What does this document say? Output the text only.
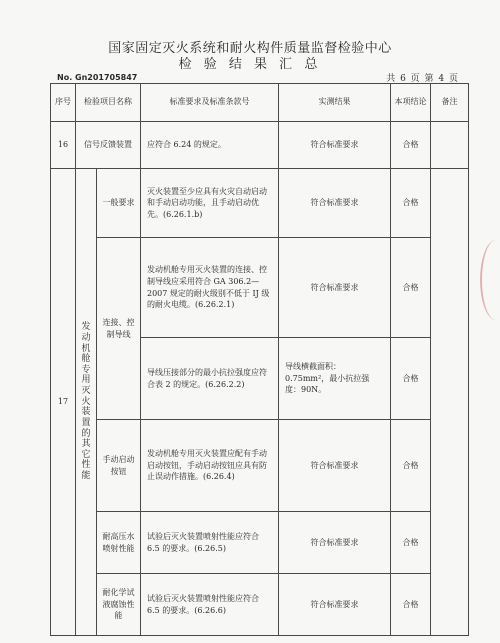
国家固定灭火系统和耐火构件质量监督检验中心
检 验 结 果 汇 总
No. Gn201705847	共 6 页 第 4 页
序号	检验项目名称		标准要求及标准条款号	实测结果	本项结论	备注
16	信号反馈装置		应符合 6.24 的规定。	符合标准要求	合格	
17	发动机舱专用灭火装置的其它性能	一般要求	灭火装置至少应具有火灾自动启动和手动启动功能，且手动启动优先。(6.26.1.b)	符合标准要求	合格	
		连接、控制导线	发动机舱专用灭火装置的连接、控制导线应采用符合 GA 306.2—2007 规定的耐火级别不低于 IJ 级的耐火电缆。(6.26.2.1)	符合标准要求	合格	
			导线压接部分的最小抗拉强度应符合表 2 的规定。(6.26.2.2)	导线横截面积：0.75mm²，最小抗拉强度：90N。	合格	
		手动启动按钮	发动机舱专用灭火装置应配有手动启动按钮，手动启动按钮应具有防止误动作措施。(6.26.4)	符合标准要求	合格	
		耐高压水喷射性能	试验后灭火装置喷射性能应符合 6.5 的要求。(6.26.5)	符合标准要求	合格	
		耐化学试液腐蚀性能	试验后灭火装置喷射性能应符合 6.5 的要求。(6.26.6)	符合标准要求	合格	
